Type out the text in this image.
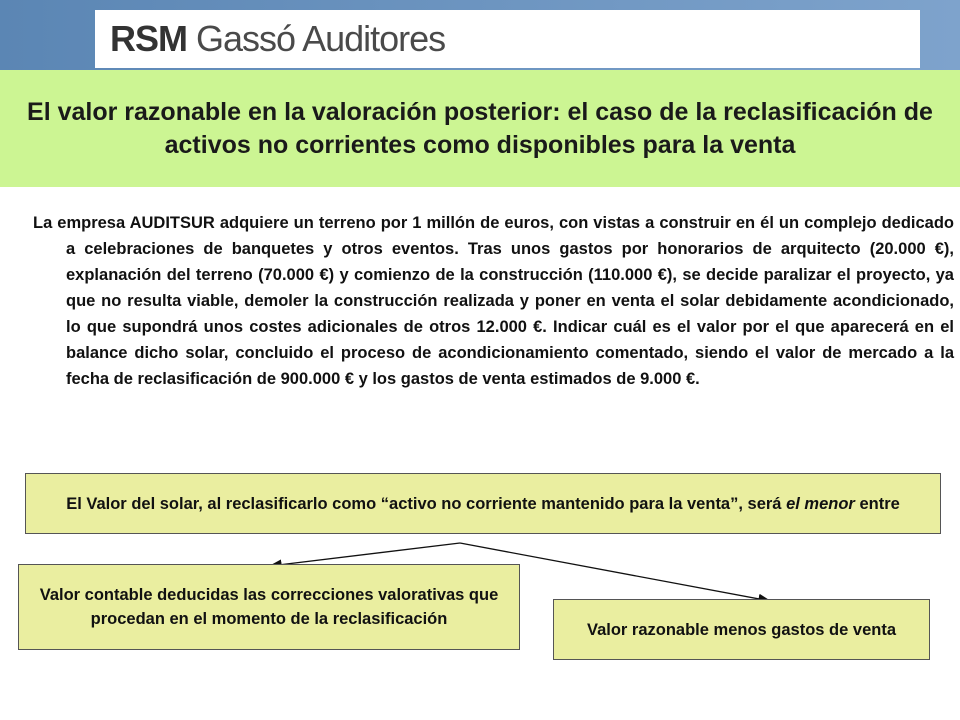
RSM Gassó Auditores
El valor razonable en la valoración posterior: el caso de la reclasificación de activos no corrientes como disponibles para la venta

La empresa AUDITSUR adquiere un terreno por 1 millón de euros, con vistas a construir en él un complejo dedicado a celebraciones de banquetes y otros eventos. Tras unos gastos por honorarios de arquitecto (20.000 €), explanación del terreno (70.000 €) y comienzo de la construcción (110.000 €), se decide paralizar el proyecto, ya que no resulta viable, demoler la construcción realizada y poner en venta el solar debidamente acondicionado, lo que supondrá unos costes adicionales de otros 12.000 €. Indicar cuál es el valor por el que aparecerá en el balance dicho solar, concluido el proceso de acondicionamiento comentado, siendo el valor de mercado a la fecha de reclasificación de 900.000 € y los gastos de venta estimados de 9.000 €.

El Valor del solar, al reclasificarlo como “activo no corriente mantenido para la venta”, será el menor entre
Valor contable deducidas las correcciones valorativas que procedan en el momento de la reclasificación
Valor razonable menos gastos de venta
